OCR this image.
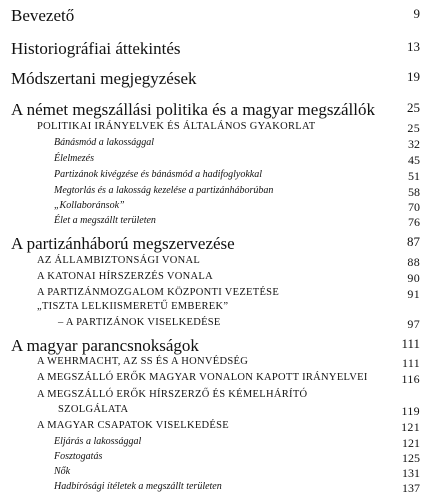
Bevezető	9
Historiográfiai áttekintés	13
Módszertani megjegyzések	19
A német megszállási politika és a magyar megszállók	25
POLITIKAI IRÁNYELVEK ÉS ÁLTALÁNOS GYAKORLAT	25
Bánásmód a lakossággal	32
Élelmezés	45
Partizánok kivégzése és bánásmód a hadifoglyokkal	51
Megtorlás és a lakosság kezelése a partizánháborúban	58
„Kollaboránsok”	70
Élet a megszállt területen	76
A partizánháború megszervezése	87
AZ ÁLLAMBIZTONSÁGI VONAL	88
A KATONAI HÍRSZERZÉS VONALA	90
A PARTIZÁNMOZGALOM KÖZPONTI VEZETÉSE	91
„TISZTA LELKIISMERETŰ EMBEREK”
– A PARTIZÁNOK VISELKEDÉSE	97
A magyar parancsnokságok	111
A WEHRMACHT, AZ SS ÉS A HONVÉDSÉG	111
A MEGSZÁLLÓ ERŐK MAGYAR VONALON KAPOTT IRÁNYELVEI	116
A MEGSZÁLLÓ ERŐK HÍRSZERZŐ ÉS KÉMELHÁRÍTÓ
SZOLGÁLATA	119
A MAGYAR CSAPATOK VISELKEDÉSE	121
Eljárás a lakossággal	121
Fosztogatás	125
Nők	131
Hadbírósági ítéletek a megszállt területen	137
